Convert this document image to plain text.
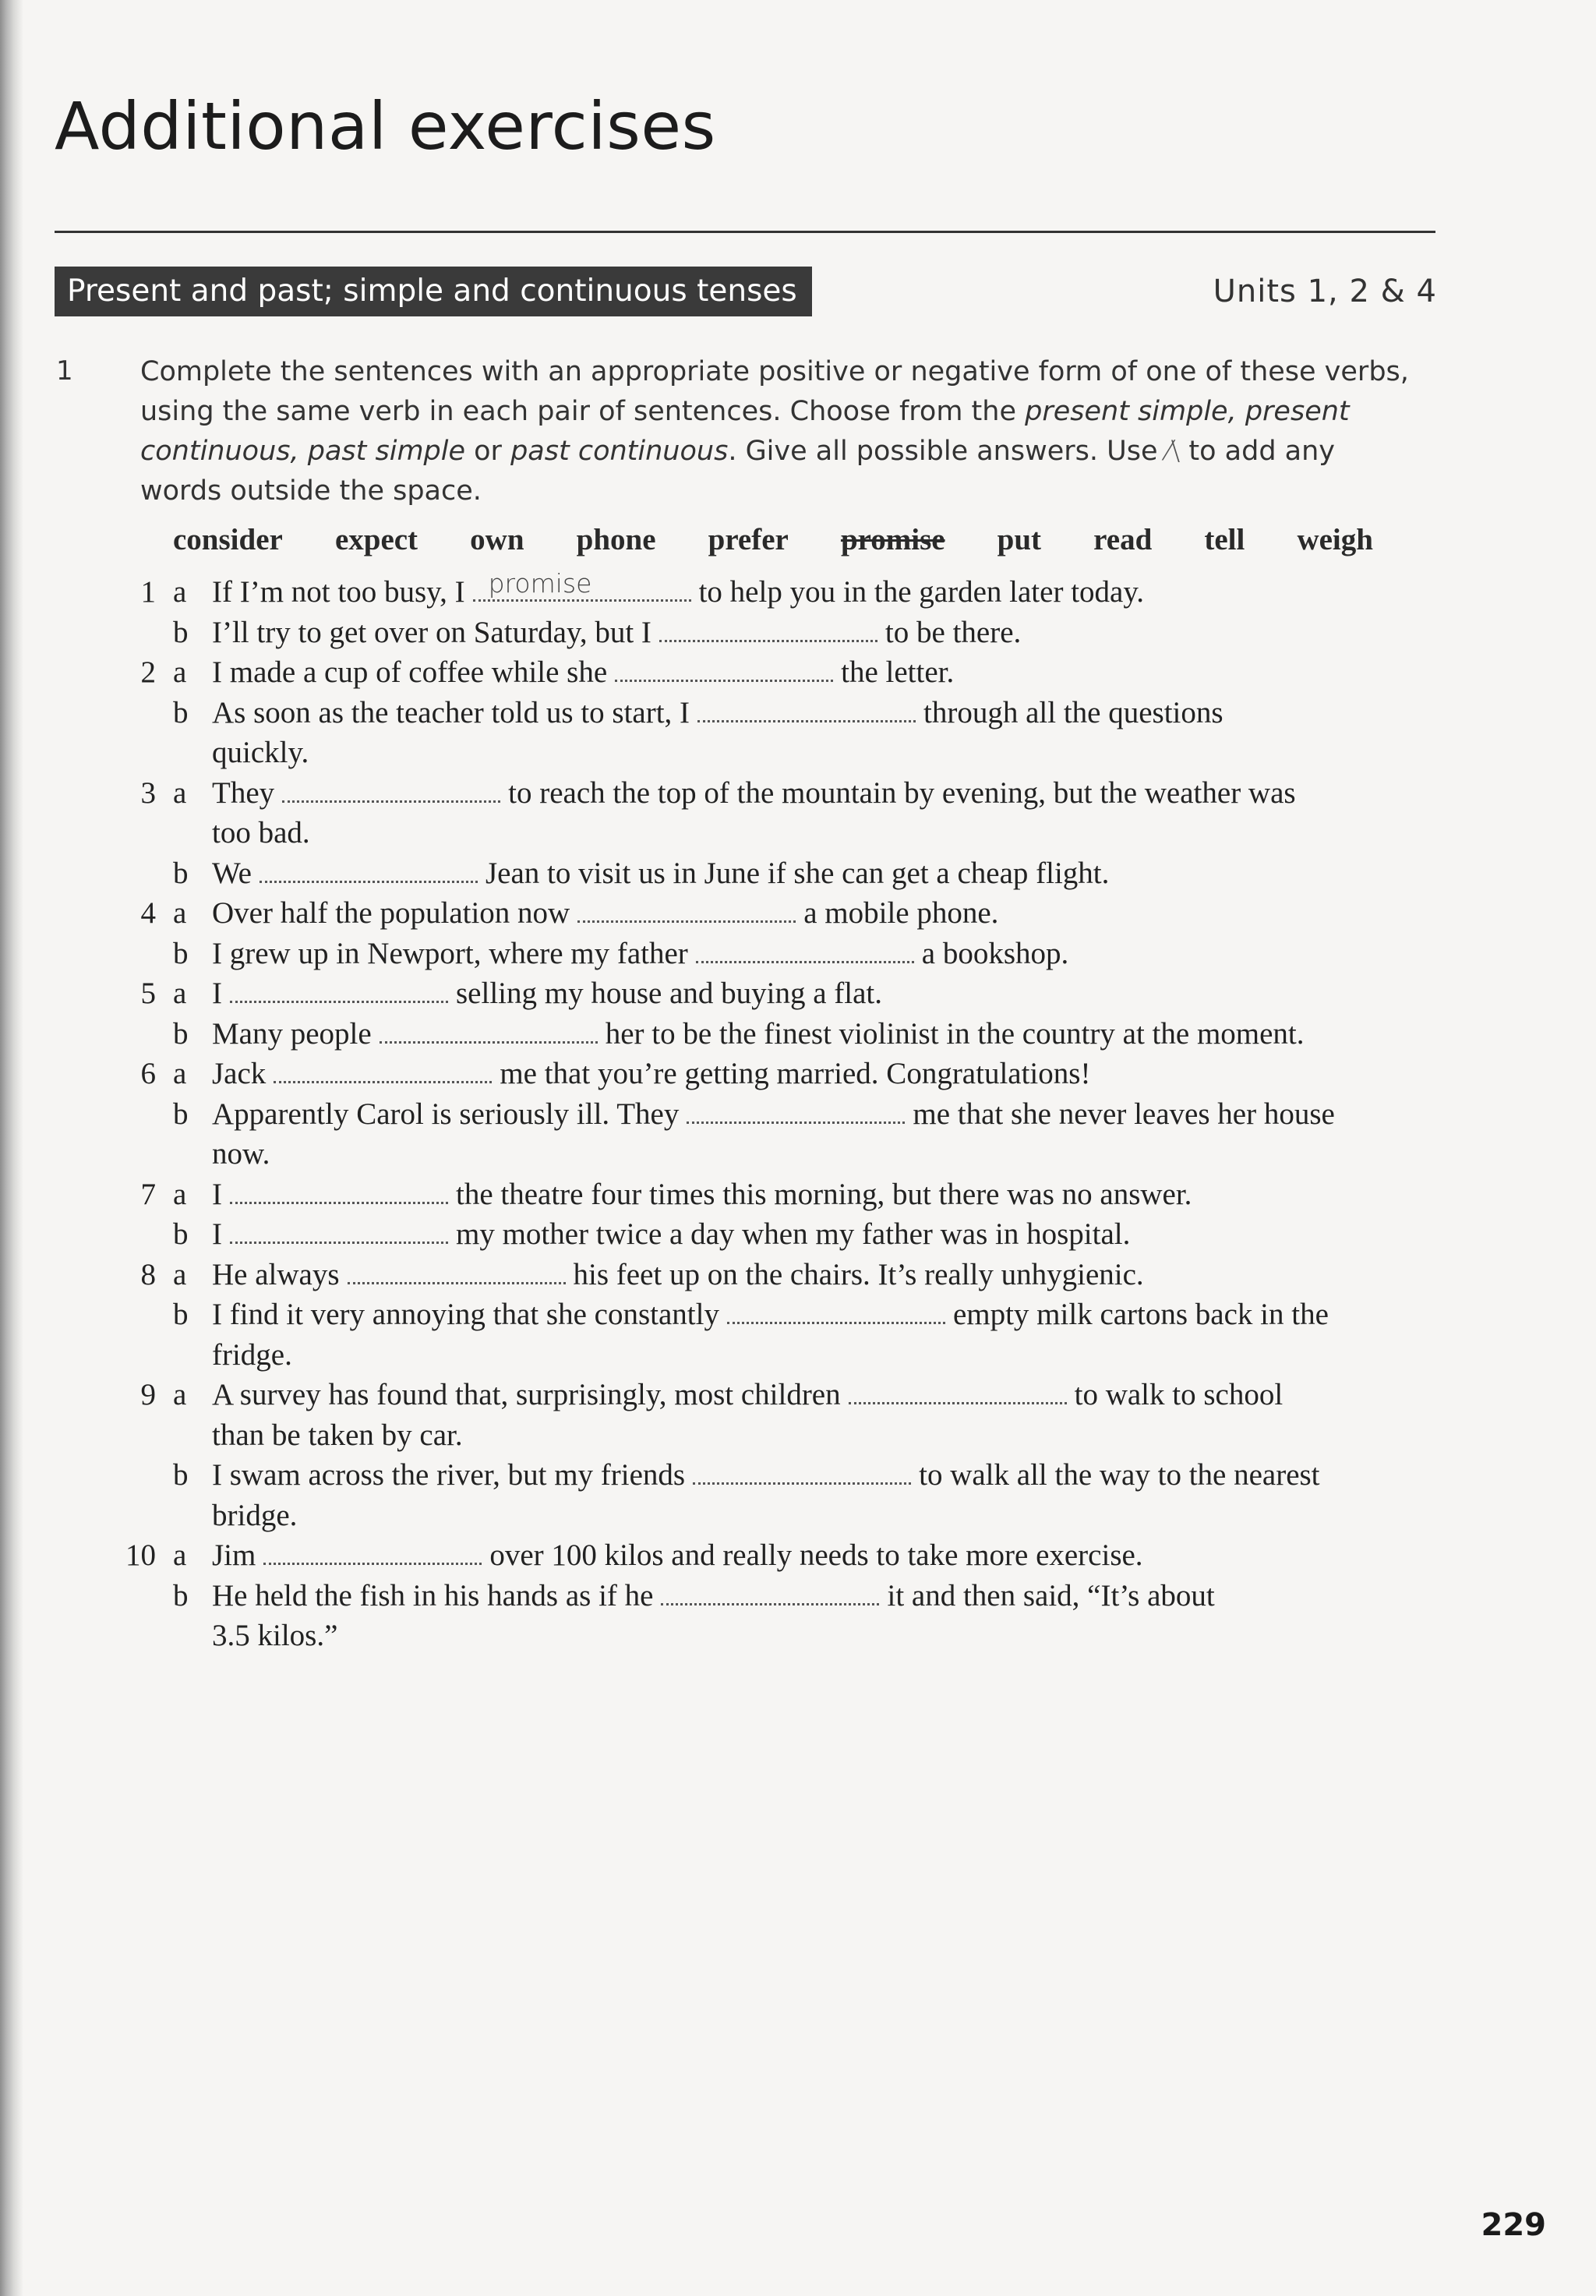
Additional exercises
Present and past; simple and continuous tenses	Units 1, 2 & 4
1 Complete the sentences with an appropriate positive or negative form of one of these verbs, using the same verb in each pair of sentences. Choose from the present simple, present continuous, past simple or past continuous. Give all possible answers. Use ⁄\ to add any words outside the space.

consider expect own phone prefer promise put read tell weigh
1 a If I’m not too busy, I promise	to help you in the garden later today.
b I’ll try to get over on Saturday, but I	to be there.
2 a I made a cup of coffee while she	the letter.
b As soon as the teacher told us to start, I	through all the questions
quickly.
3 a They	to reach the top of the mountain by evening, but the weather was
too bad.
b We	Jean to visit us in June if she can get a cheap flight.
4 a Over half the population now	a mobile phone.
b I grew up in Newport, where my father	a bookshop.
5 a I	selling my house and buying a flat.
b Many people	her to be the finest violinist in the country at the moment.
6 a Jack	me that you’re getting married. Congratulations!
b Apparently Carol is seriously ill. They	me that she never leaves her house
now.
7 a I	the theatre four times this morning, but there was no answer.
b I	my mother twice a day when my father was in hospital.
8 a He always	his feet up on the chairs. It’s really unhygienic.
b I find it very annoying that she constantly	empty milk cartons back in the
fridge.
9 a A survey has found that, surprisingly, most children	to walk to school
than be taken by car.
b I swam across the river, but my friends	to walk all the way to the nearest
bridge.
10 a Jim	over 100 kilos and really needs to take more exercise.
b He held the fish in his hands as if he	it and then said, “It’s about
3.5 kilos.”
229
